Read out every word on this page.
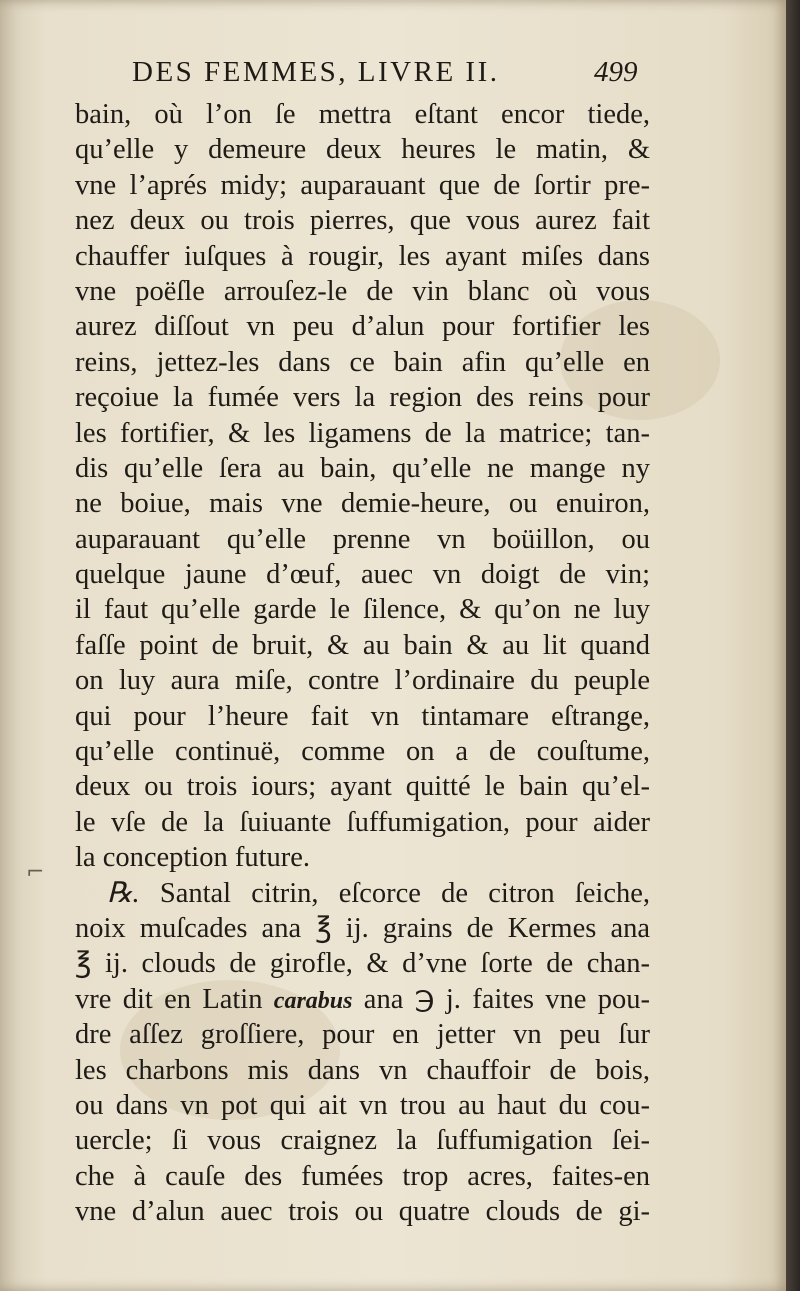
⌐
DES FEMMES, LIVRE II.	499
bain, où l’on ſe mettra eſtant encor tiede,
qu’elle y demeure deux heures le matin, &
vne l’aprés midy; auparauant que de ſortir pre-
nez deux ou trois pierres, que vous aurez fait
chauffer iuſques à rougir, les ayant miſes dans
vne poëſle arrouſez-le de vin blanc où vous
aurez diſſout vn peu d’alun pour fortifier les
reins, jettez-les dans ce bain afin qu’elle en
reçoiue la fumée vers la region des reins pour
les fortifier, & les ligamens de la matrice; tan-
dis qu’elle ſera au bain, qu’elle ne mange ny
ne boiue, mais vne demie-heure, ou enuiron,
auparauant qu’elle prenne vn boüillon, ou
quelque jaune d’œuf, auec vn doigt de vin;
il faut qu’elle garde le ſilence, & qu’on ne luy
faſſe point de bruit, & au bain & au lit quand
on luy aura miſe, contre l’ordinaire du peuple
qui pour l’heure fait vn tintamare eſtrange,
qu’elle continuë, comme on a de couſtume,
deux ou trois iours; ayant quitté le bain qu’el-
le vſe de la ſuiuante ſuffumigation, pour aider
la conception future.
℞. Santal citrin, eſcorce de citron ſeiche,
noix muſcades ana ℥ ij. grains de Kermes ana
℥ ij. clouds de girofle, & d’vne ſorte de chan-
vre dit en Latin carabus ana ℈ j. faites vne pou-
dre aſſez groſſiere, pour en jetter vn peu ſur
les charbons mis dans vn chauffoir de bois,
ou dans vn pot qui ait vn trou au haut du cou-
uercle; ſi vous craignez la ſuffumigation ſei-
che à cauſe des fumées trop acres, faites-en
vne d’alun auec trois ou quatre clouds de gi-
